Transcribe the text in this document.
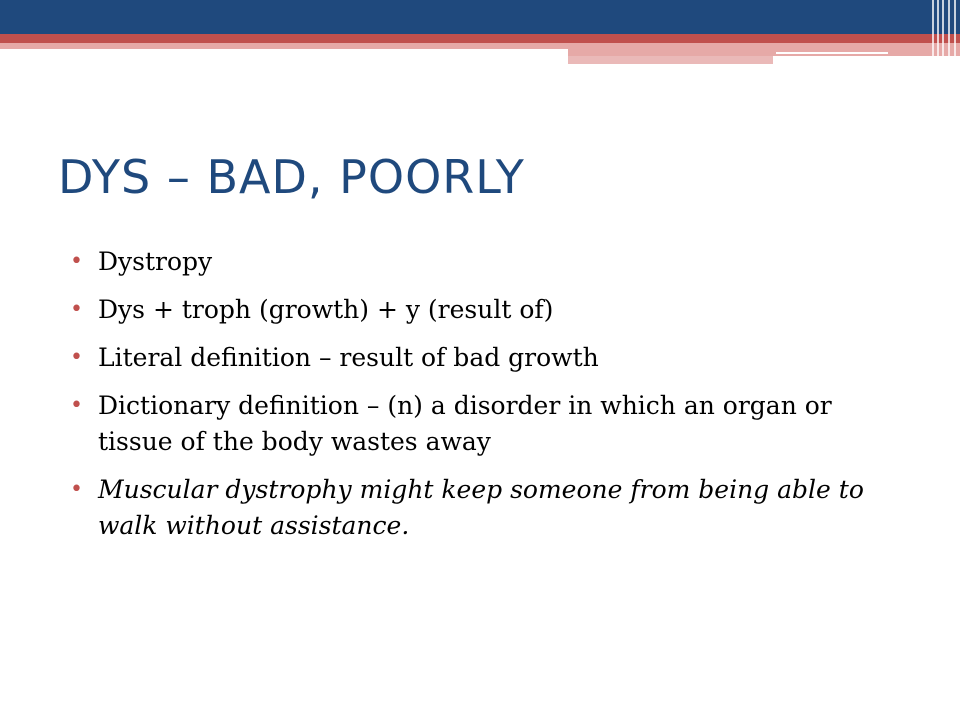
DYS – BAD, POORLY
• Dystropy
• Dys + troph (growth) + y (result of)
• Literal definition – result of bad growth
• Dictionary definition – (n) a disorder in which an organ or tissue of the body wastes away
• Muscular dystrophy might keep someone from being able to walk without assistance.
